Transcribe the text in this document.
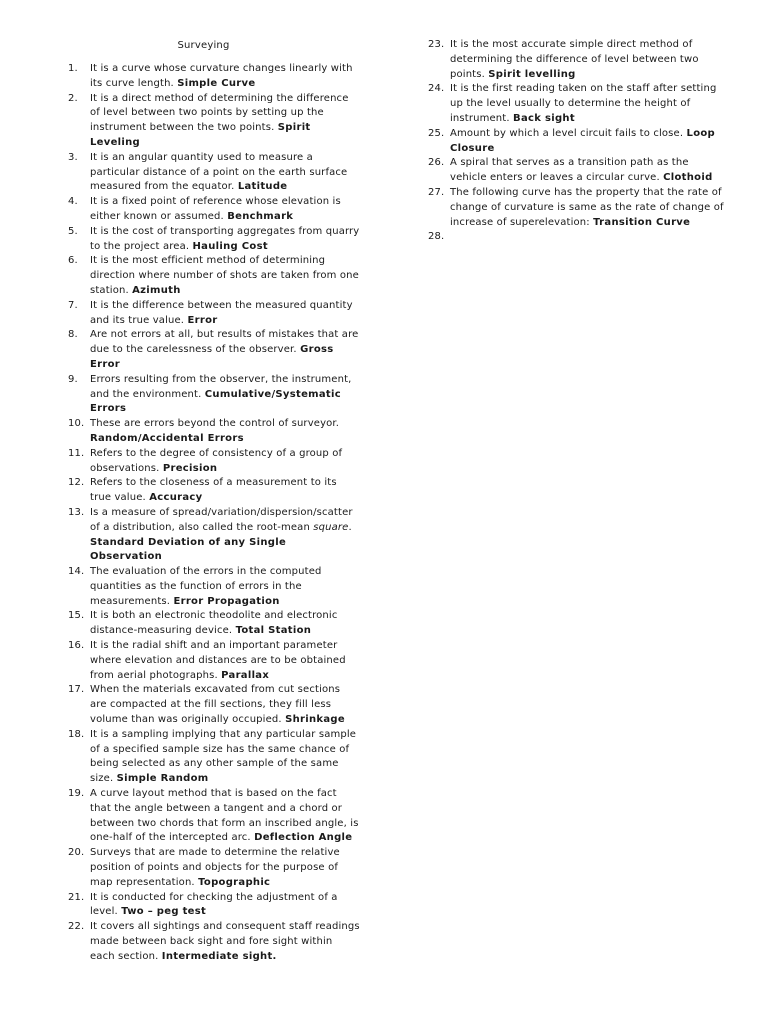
Surveying
1.	It is a curve whose curvature changes linearly with its curve length. Simple Curve
2.	It is a direct method of determining the difference of level between two points by setting up the instrument between the two points. Spirit Leveling
3.	It is an angular quantity used to measure a particular distance of a point on the earth surface measured from the equator. Latitude
4.	It is a fixed point of reference whose elevation is either known or assumed. Benchmark
5.	It is the cost of transporting aggregates from quarry to the project area. Hauling Cost
6.	It is the most efficient method of determining direction where number of shots are taken from one station. Azimuth
7.	It is the difference between the measured quantity and its true value. Error
8.	Are not errors at all, but results of mistakes that are due to the carelessness of the observer. Gross Error
9.	Errors resulting from the observer, the instrument, and the environment. Cumulative/Systematic Errors
10. These are errors beyond the control of surveyor. Random/Accidental Errors
11. Refers to the degree of consistency of a group of observations. Precision
12. Refers to the closeness of a measurement to its true value. Accuracy
13. Is a measure of spread/variation/dispersion/scatter of a distribution, also called the root-mean square. Standard Deviation of any Single Observation
14. The evaluation of the errors in the computed quantities as the function of errors in the measurements. Error Propagation
15. It is both an electronic theodolite and electronic distance-measuring device. Total Station
16. It is the radial shift and an important parameter where elevation and distances are to be obtained from aerial photographs. Parallax
17. When the materials excavated from cut sections are compacted at the fill sections, they fill less volume than was originally occupied. Shrinkage
18. It is a sampling implying that any particular sample of a specified sample size has the same chance of being selected as any other sample of the same size. Simple Random
19. A curve layout method that is based on the fact that the angle between a tangent and a chord or between two chords that form an inscribed angle, is one-half of the intercepted arc. Deflection Angle
20. Surveys that are made to determine the relative position of points and objects for the purpose of map representation. Topographic
21. It is conducted for checking the adjustment of a level. Two – peg test
22. It covers all sightings and consequent staff readings made between back sight and fore sight within each section. Intermediate sight.
23. It is the most accurate simple direct method of determining the difference of level between two points. Spirit levelling
24. It is the first reading taken on the staff after setting up the level usually to determine the height of instrument. Back sight
25. Amount by which a level circuit fails to close. Loop Closure
26. A spiral that serves as a transition path as the vehicle enters or leaves a circular curve. Clothoid
27. The following curve has the property that the rate of change of curvature is same as the rate of change of increase of superelevation: Transition Curve
28.
